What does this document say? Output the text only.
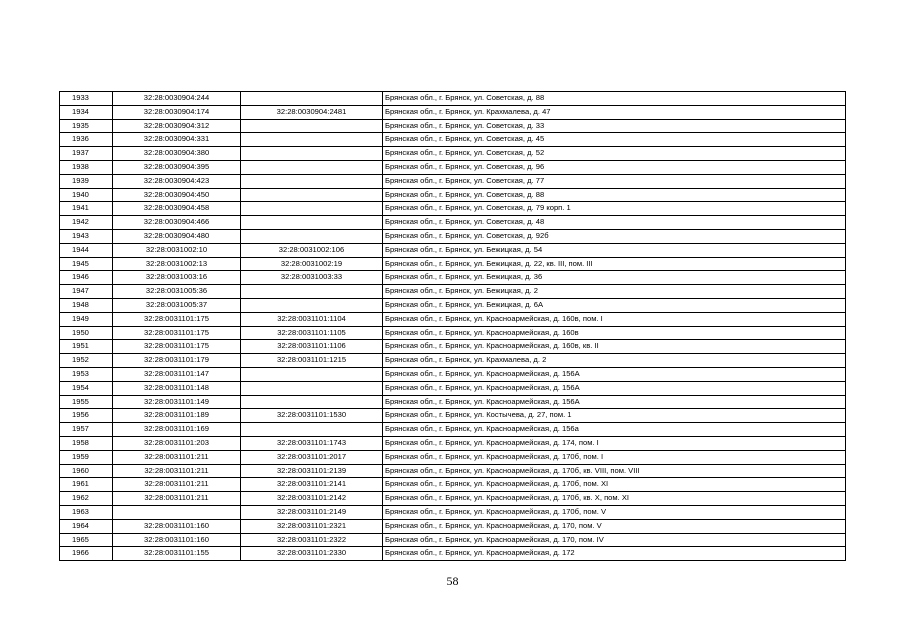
1933	32:28:0030904:244		Брянская обл., г. Брянск, ул. Советская, д. 88
1934	32:28:0030904:174	32:28:0030904:2481	Брянская обл., г. Брянск, ул. Крахмалева, д. 47
1935	32:28:0030904:312		Брянская обл., г. Брянск, ул. Советская, д. 33
1936	32:28:0030904:331		Брянская обл., г. Брянск, ул. Советская, д. 45
1937	32:28:0030904:380		Брянская обл., г. Брянск, ул. Советская, д. 52
1938	32:28:0030904:395		Брянская обл., г. Брянск, ул. Советская, д. 96
1939	32:28:0030904:423		Брянская обл., г. Брянск, ул. Советская, д. 77
1940	32:28:0030904:450		Брянская обл., г. Брянск, ул. Советская, д. 88
1941	32:28:0030904:458		Брянская обл., г. Брянск, ул. Советская, д. 79 корп. 1
1942	32:28:0030904:466		Брянская обл., г. Брянск, ул. Советская, д. 48
1943	32:28:0030904:480		Брянская обл., г. Брянск, ул. Советская, д. 92б
1944	32:28:0031002:10	32:28:0031002:106	Брянская обл., г. Брянск, ул. Бежицкая, д. 54
1945	32:28:0031002:13	32:28:0031002:19	Брянская обл., г. Брянск, ул. Бежицкая, д. 22, кв. III, пом. III
1946	32:28:0031003:16	32:28:0031003:33	Брянская обл., г. Брянск, ул. Бежицкая, д. 36
1947	32:28:0031005:36		Брянская обл., г. Брянск, ул. Бежицкая, д. 2
1948	32:28:0031005:37		Брянская обл., г. Брянск, ул. Бежицкая, д. 6А
1949	32:28:0031101:175	32:28:0031101:1104	Брянская обл., г. Брянск, ул. Красноармейская, д. 160в, пом. I
1950	32:28:0031101:175	32:28:0031101:1105	Брянская обл., г. Брянск, ул. Красноармейская, д. 160в
1951	32:28:0031101:175	32:28:0031101:1106	Брянская обл., г. Брянск, ул. Красноармейская, д. 160в, кв. II
1952	32:28:0031101:179	32:28:0031101:1215	Брянская обл., г. Брянск, ул. Крахмалева, д. 2
1953	32:28:0031101:147		Брянская обл., г. Брянск, ул. Красноармейская, д. 156А
1954	32:28:0031101:148		Брянская обл., г. Брянск, ул. Красноармейская, д. 156А
1955	32:28:0031101:149		Брянская обл., г. Брянск, ул. Красноармейская, д. 156А
1956	32:28:0031101:189	32:28:0031101:1530	Брянская обл., г. Брянск, ул. Костычева, д. 27, пом. 1
1957	32:28:0031101:169		Брянская обл., г. Брянск, ул. Красноармейская, д. 156а
1958	32:28:0031101:203	32:28:0031101:1743	Брянская обл., г. Брянск, ул. Красноармейская, д. 174, пом. I
1959	32:28:0031101:211	32:28:0031101:2017	Брянская обл., г. Брянск, ул. Красноармейская, д. 170б, пом. I
1960	32:28:0031101:211	32:28:0031101:2139	Брянская обл., г. Брянск, ул. Красноармейская, д. 170б, кв. VIII, пом. VIII
1961	32:28:0031101:211	32:28:0031101:2141	Брянская обл., г. Брянск, ул. Красноармейская, д. 170б, пом. XI
1962	32:28:0031101:211	32:28:0031101:2142	Брянская обл., г. Брянск, ул. Красноармейская, д. 170б, кв. X, пом. XI
1963		32:28:0031101:2149	Брянская обл., г. Брянск, ул. Красноармейская, д. 170б, пом. V
1964	32:28:0031101:160	32:28:0031101:2321	Брянская обл., г. Брянск, ул. Красноармейская, д. 170, пом. V
1965	32:28:0031101:160	32:28:0031101:2322	Брянская обл., г. Брянск, ул. Красноармейская, д. 170, пом. IV
1966	32:28:0031101:155	32:28:0031101:2330	Брянская обл., г. Брянск, ул. Красноармейская, д. 172
58
